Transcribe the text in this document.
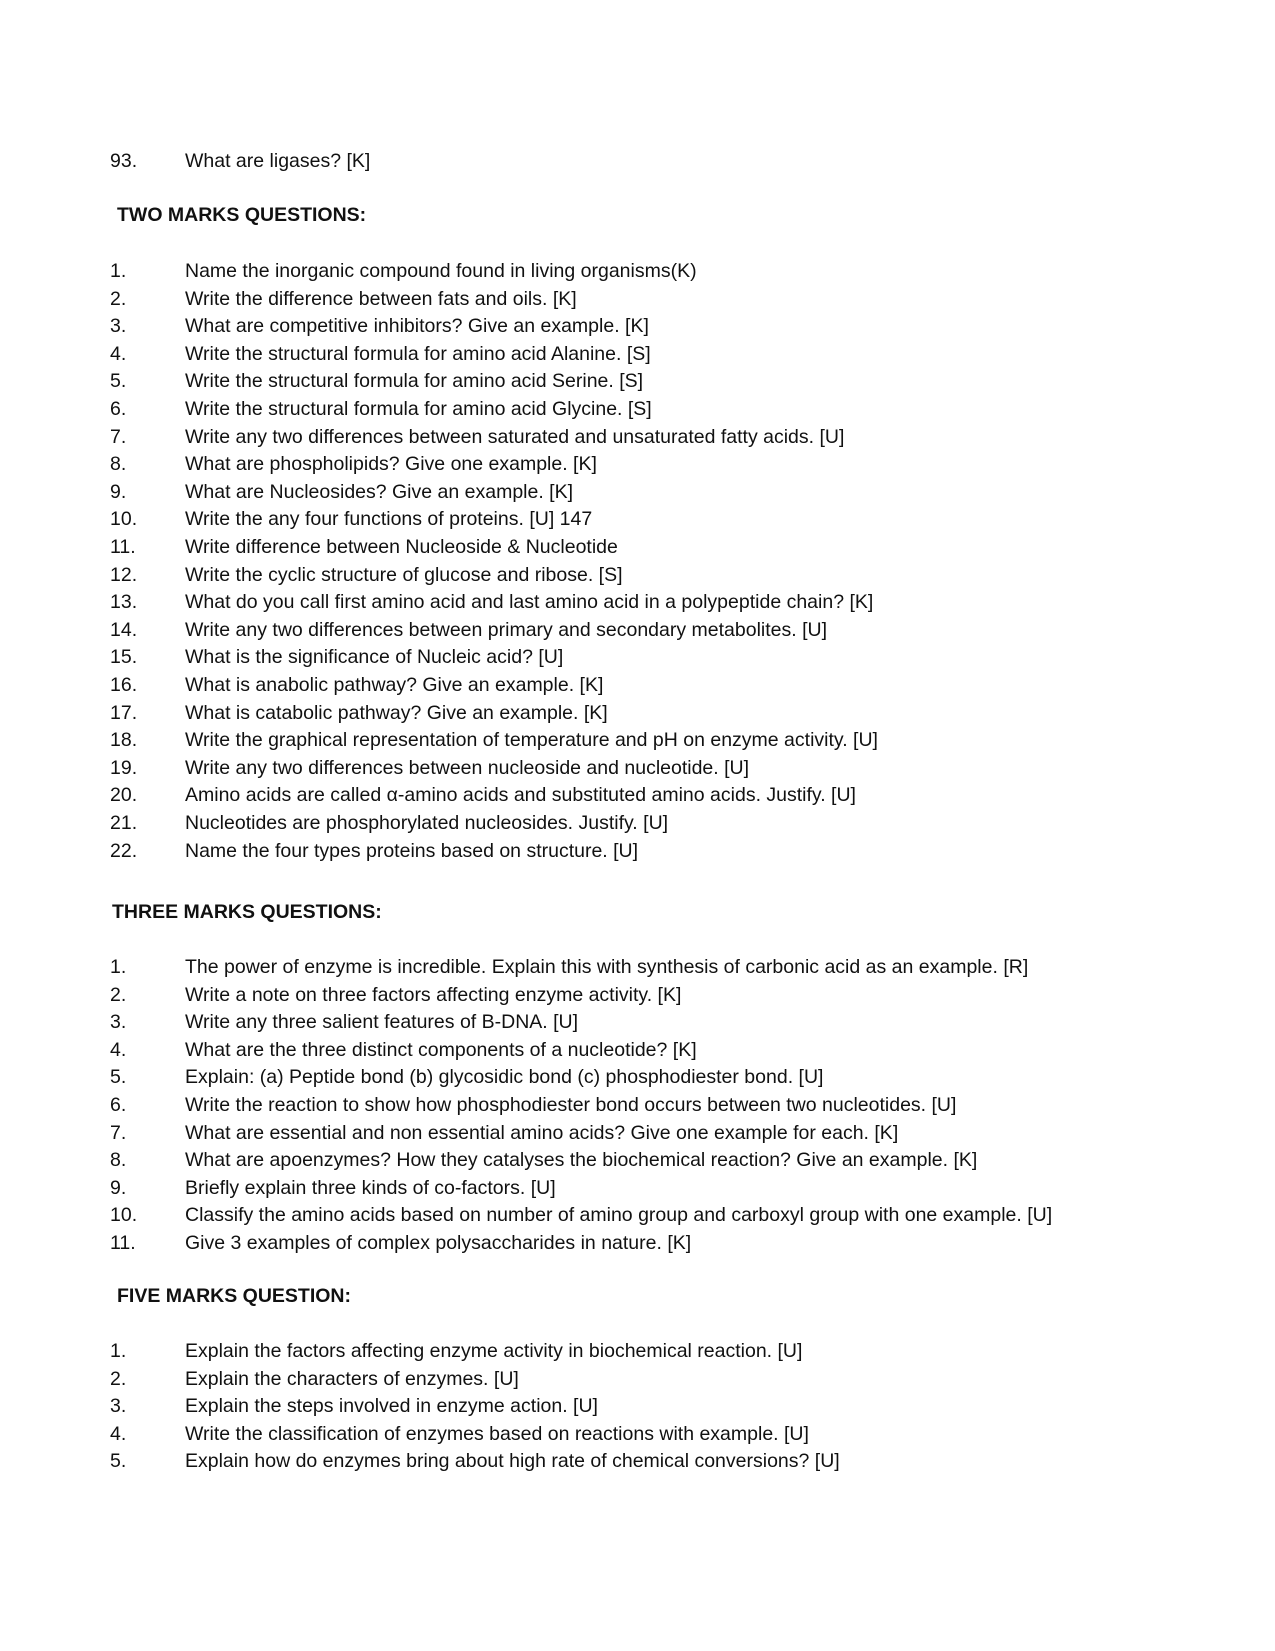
93. What are ligases? [K]
TWO MARKS QUESTIONS:
1.	Name the inorganic compound found in living organisms(K)
2.	Write the difference between fats and oils. [K]
3.	What are competitive inhibitors? Give an example. [K]
4.	Write the structural formula for amino acid Alanine. [S]
5.	Write the structural formula for amino acid Serine. [S]
6.	Write the structural formula for amino acid Glycine. [S]
7.	Write any two differences between saturated and unsaturated fatty acids. [U]
8.	What are phospholipids? Give one example. [K]
9.	What are Nucleosides? Give an example. [K]
10. Write the any four functions of proteins. [U] 147
11.	Write difference between Nucleoside & Nucleotide
12. Write the cyclic structure of glucose and ribose. [S]
13. What do you call first amino acid and last amino acid in a polypeptide chain? [K]
14. Write any two differences between primary and secondary metabolites. [U]
15. What is the significance of Nucleic acid? [U]
16. What is anabolic pathway? Give an example. [K]
17. What is catabolic pathway? Give an example. [K]
18. Write the graphical representation of temperature and pH on enzyme activity. [U]
19. Write any two differences between nucleoside and nucleotide. [U]
20. Amino acids are called α-amino acids and substituted amino acids. Justify. [U]
21. Nucleotides are phosphorylated nucleosides. Justify. [U]
22. Name the four types proteins based on structure. [U]
THREE MARKS QUESTIONS:
1.	The power of enzyme is incredible. Explain this with synthesis of carbonic acid as an example. [R]
2.	Write a note on three factors affecting enzyme activity. [K]
3.	Write any three salient features of B-DNA. [U]
4.	What are the three distinct components of a nucleotide? [K]
5.	Explain: (a) Peptide bond (b) glycosidic bond (c) phosphodiester bond. [U]
6.	Write the reaction to show how phosphodiester bond occurs between two nucleotides. [U]
7.	What are essential and non essential amino acids? Give one example for each. [K]
8.	What are apoenzymes? How they catalyses the biochemical reaction? Give an example. [K]
9.	Briefly explain three kinds of co-factors. [U]
10. Classify the amino acids based on number of amino group and carboxyl group with one example. [U]
11.	Give 3 examples of complex polysaccharides in nature. [K]
FIVE MARKS QUESTION:
1.	Explain the factors affecting enzyme activity in biochemical reaction. [U]
2.	Explain the characters of enzymes. [U]
3.	Explain the steps involved in enzyme action. [U]
4.	Write the classification of enzymes based on reactions with example. [U]
5.	Explain how do enzymes bring about high rate of chemical conversions? [U]
